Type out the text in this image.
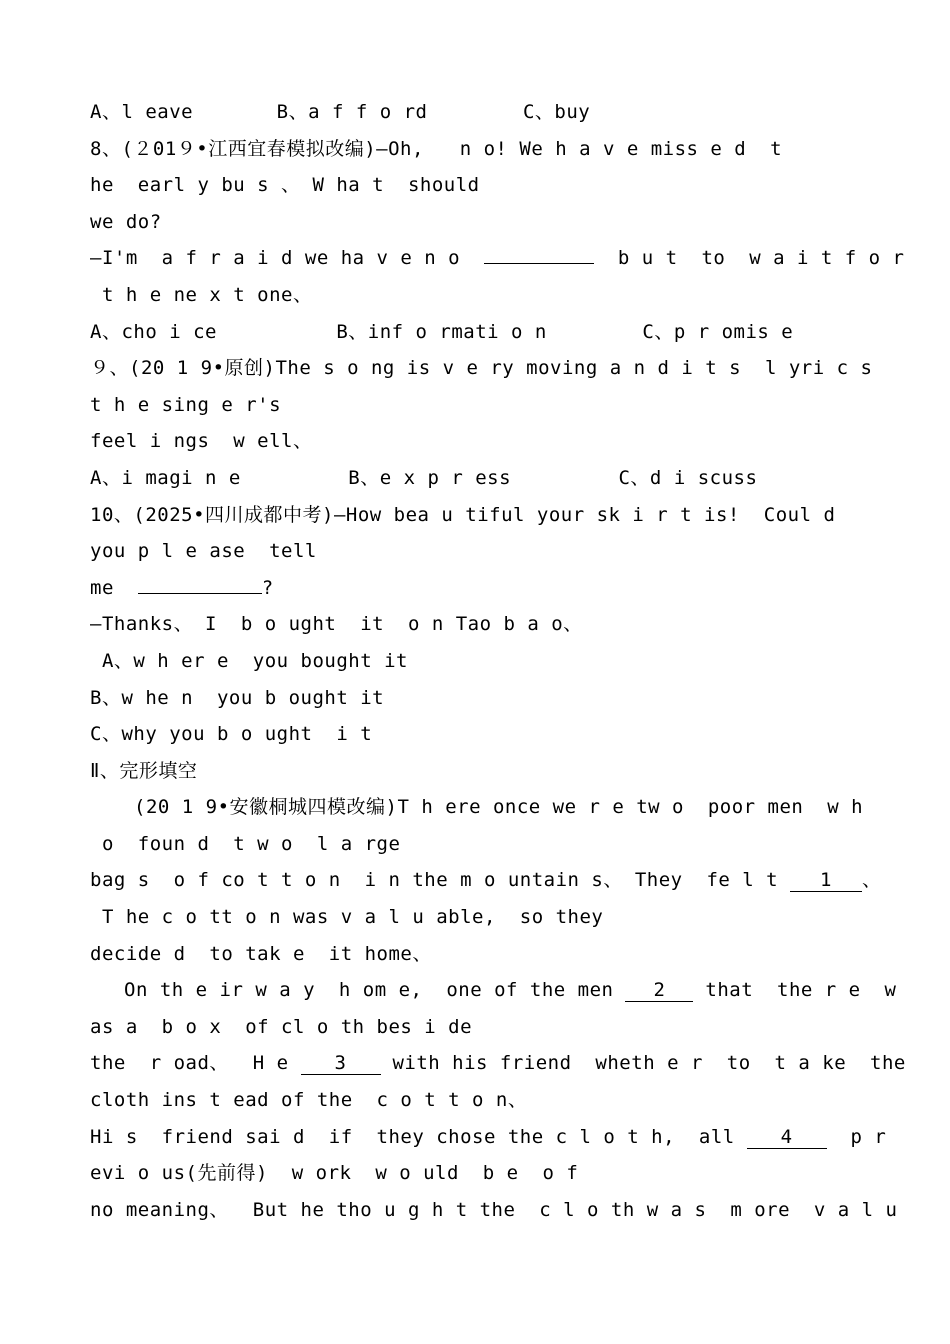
A、l eave       ​B、a f f o rd        C、buy
8、(２01９•江西宜春模拟改编)—Oh,   n o! We h a v e miss e d  t
he  earl y bu s 、 W ha t  should
we do?
—I'm  a f r a i d we ha v e n o	b u t  to  w a i t f o r
t h e ne x t one、
A、cho i ce          B、inf o rmati o n        C、p r omis e
９、(20 1 9•原创)The s o ng is v e ry moving a n d i t s  l yri c s
t h e sing e r's
feel i ngs  w ell、
A、i magi n e         B、e x p r ess         C、d i scuss
10、(2025•四川成都中考)—How bea u tiful your sk i r t is!  Coul d
you p l e ase  tell
me	?
—Thanks、 I  b o ught  it  o n Tao b a o、
A、w h er e  you bought it
B、w he n  you b ought it
C、why you b o ught  i t
Ⅱ、完形填空
(20 1 9•安徽桐城四模改编)T h ere once we r e tw o  poor men  w h
o  foun d  t w o  l a rge
bag s  o f co t t o n  i n the m o untain s、 They  fe l t 1 、
T he c o tt o n was v a l u able,  so they
decide d  to tak e  it home、
On th e ir w a y  h om e,  one of the men 2 that  the r e  w
as a  b o x  of cl o th bes i de
the  r oad、  H e 3 with his friend  wheth e r  to  t a ke  the
cloth ins t ead of the  c o t t o n、
Hi s  friend sai d  if  they chose the c l o t h,  all 4  p r
evi o us(先前得)  w ork  w o uld  b e  o f
no meaning、  But he tho u g h t the  c l o th w a s  m ore  v a l u
